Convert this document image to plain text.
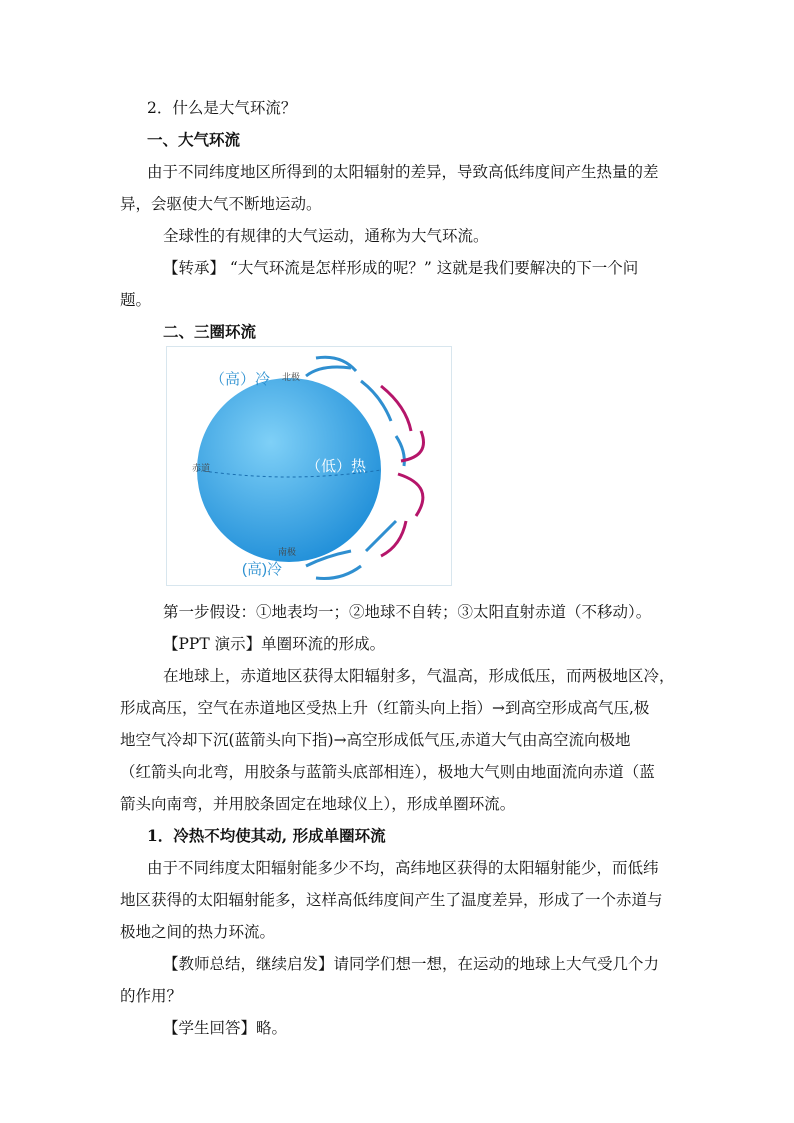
2．什么是大气环流？

一、大气环流

由于不同纬度地区所得到的太阳辐射的差异，导致高低纬度间产生热量的差

异，会驱使大气不断地运动。

全球性的有规律的大气运动，通称为大气环流。

【转承】 “大气环流是怎样形成的呢？” 这就是我们要解决的下一个问

题。

二、三圈环流

（高）冷 北极
赤道	（低）热
南极
(高)冷

第一步假设：①地表均一；②地球不自转；③太阳直射赤道（不移动）。

【PPT 演示】单圈环流的形成。

在地球上，赤道地区获得太阳辐射多，气温高，形成低压，而两极地区冷，

形成高压，空气在赤道地区受热上升（红箭头向上指）→到高空形成高气压,极

地空气冷却下沉(蓝箭头向下指)→高空形成低气压,赤道大气由高空流向极地

（红箭头向北弯，用胶条与蓝箭头底部相连），极地大气则由地面流向赤道（蓝

箭头向南弯，并用胶条固定在地球仪上），形成单圈环流。

1．冷热不均使其动, 形成单圈环流

由于不同纬度太阳辐射能多少不均，高纬地区获得的太阳辐射能少，而低纬

地区获得的太阳辐射能多，这样高低纬度间产生了温度差异，形成了一个赤道与

极地之间的热力环流。

【教师总结，继续启发】请同学们想一想，在运动的地球上大气受几个力

的作用？

【学生回答】略。
